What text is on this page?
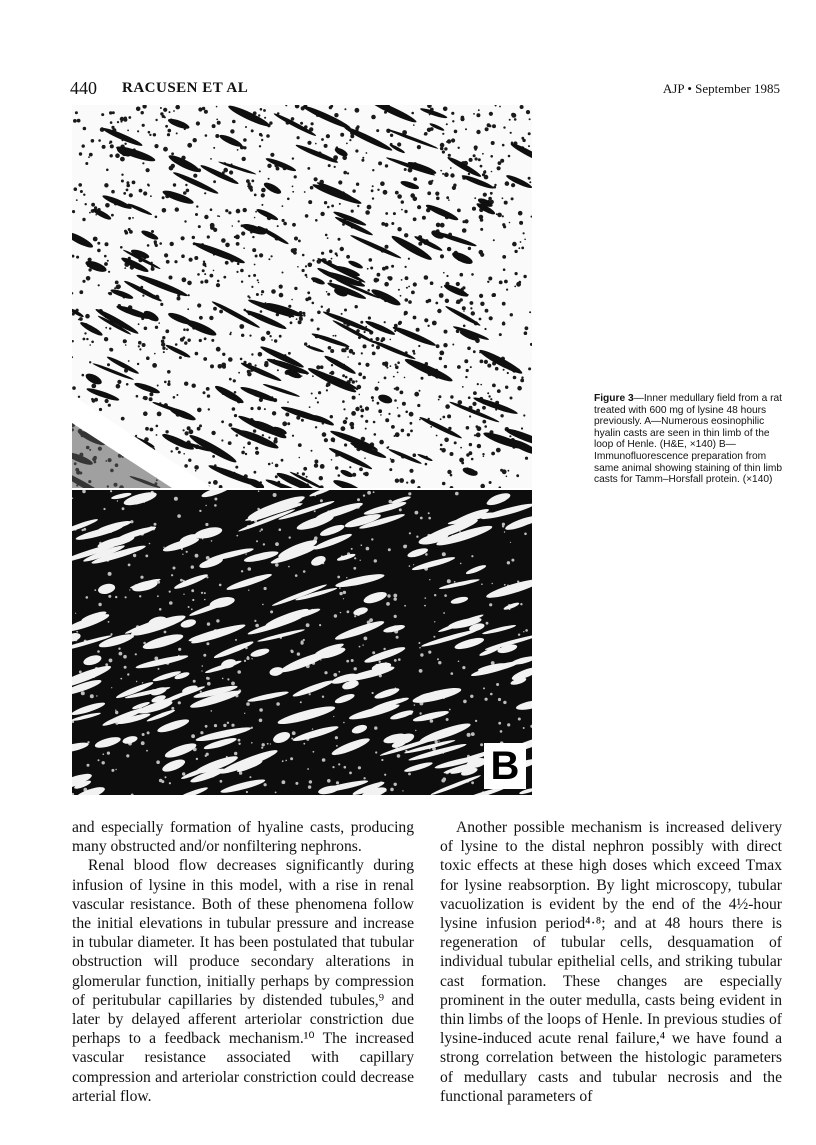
440 RACUSEN ET AL	AJP • September 1985
B
Figure 3—Inner medullary field from a rat treated with 600 mg of lysine 48 hours previously. A—Numerous eosinophilic hyalin casts are seen in thin limb of the loop of Henle. (H&E, ×140) B—Immunofluorescence preparation from same animal showing staining of thin limb casts for Tamm–Horsfall protein. (×140)

and especially formation of hyaline casts, producing many obstructed and/or nonfiltering nephrons.

Renal blood flow decreases significantly during infusion of lysine in this model, with a rise in renal vascular resistance. Both of these phenomena follow the initial elevations in tubular pressure and increase in tubular diameter. It has been postulated that tubular obstruction will produce secondary alterations in glomerular function, initially perhaps by compression of peritubular capillaries by distended tubules,⁹ and later by delayed afferent arteriolar constriction due perhaps to a feedback mechanism.¹⁰ The increased vascular resistance associated with capillary compression and arteriolar constriction could decrease arterial flow.

Another possible mechanism is increased delivery of lysine to the distal nephron possibly with direct toxic effects at these high doses which exceed Tmax for lysine reabsorption. By light microscopy, tubular vacuolization is evident by the end of the 4½-hour lysine infusion period⁴·⁸; and at 48 hours there is regeneration of tubular cells, desquamation of individual tubular epithelial cells, and striking tubular cast formation. These changes are especially prominent in the outer medulla, casts being evident in thin limbs of the loops of Henle. In previous studies of lysine-induced acute renal failure,⁴ we have found a strong correlation between the histologic parameters of medullary casts and tubular necrosis and the functional parameters of
